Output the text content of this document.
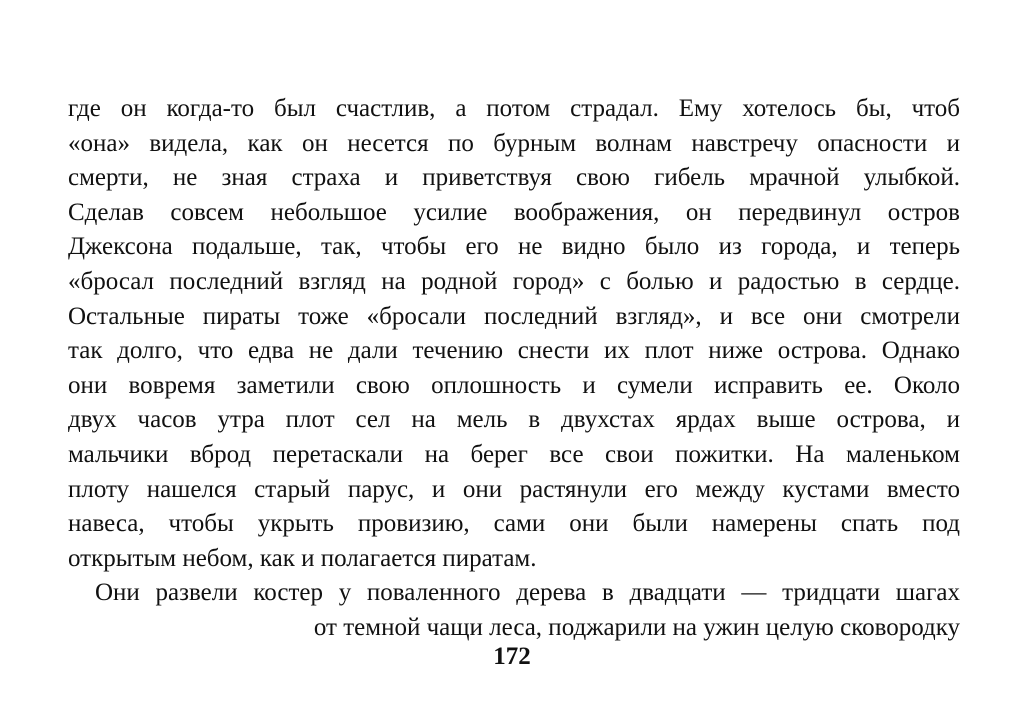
где он когда-то был счастлив, а потом страдал. Ему хотелось бы, чтоб
«она» видела, как он несется по бурным волнам навстречу опасности и
смерти, не зная страха и приветствуя свою гибель мрачной улыбкой.
Сделав совсем небольшое усилие воображения, он передвинул остров
Джексона подальше, так, чтобы его не видно было из города, и теперь
«бросал последний взгляд на родной город» с болью и радостью в сердце.
Остальные пираты тоже «бросали последний взгляд», и все они смотрели
так долго, что едва не дали течению снести их плот ниже острова. Однако
они вовремя заметили свою оплошность и сумели исправить ее. Около
двух часов утра плот сел на мель в двухстах ярдах выше острова, и
мальчики вброд перетаскали на берег все свои пожитки. На маленьком
плоту нашелся старый парус, и они растянули его между кустами вместо
навеса, чтобы укрыть провизию, сами они были намерены спать под
открытым небом, как и полагается пиратам.
Они развели костер у поваленного дерева в двадцати — тридцати шагах
от темной чащи леса, поджарили на ужин целую сковородку
172
